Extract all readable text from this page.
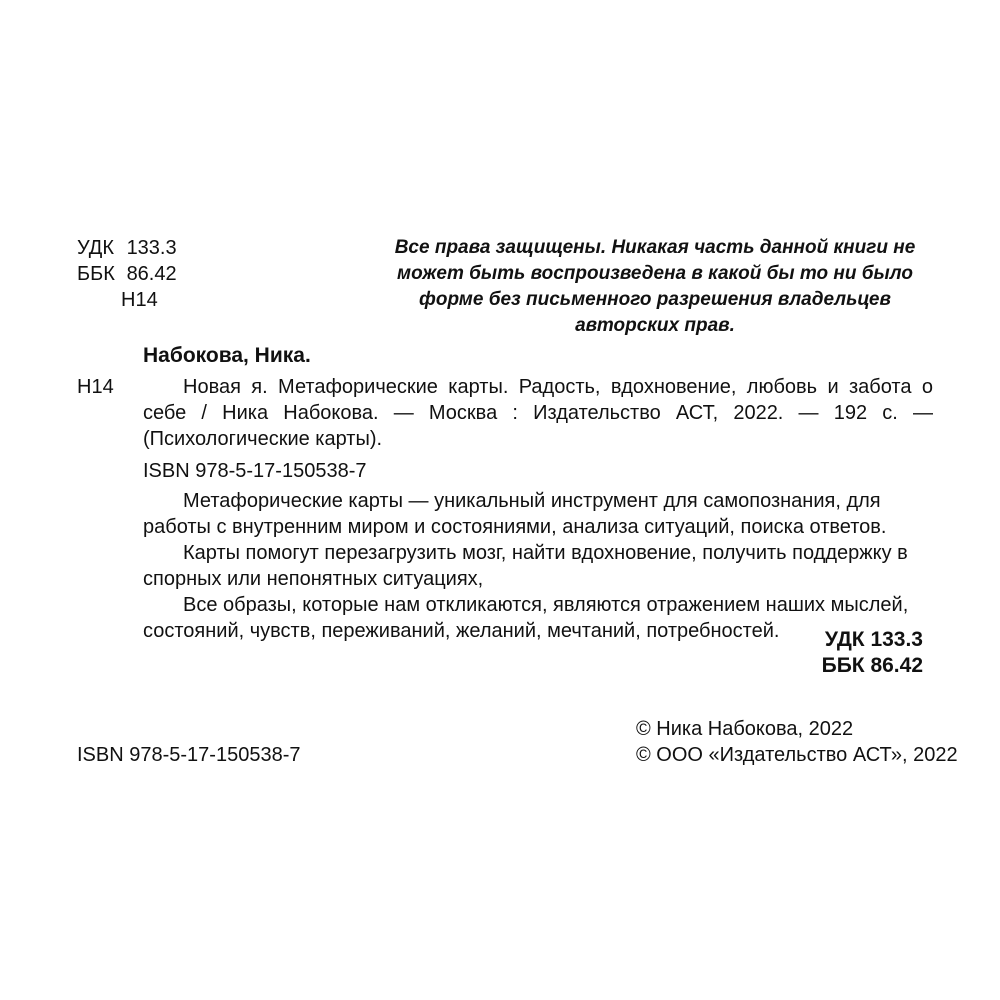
УДК 133.3
ББК 86.42
Н14
Все права защищены. Никакая часть данной книги не может быть воспроизведена в какой бы то ни было форме без письменного разрешения владельцев авторских прав.
Набокова, Ника.
Н14	Новая я. Метафорические карты. Радость, вдохновение, любовь и забота о себе / Ника Набокова. — Москва : Издательство АСТ, 2022. — 192 с. — (Психологические карты).
ISBN 978-5-17-150538-7

Метафорические карты — уникальный инструмент для самопознания, для работы с внутренним миром и состояниями, анализа ситуаций, поиска ответов.

Карты помогут перезагрузить мозг, найти вдохновение, получить поддержку в спорных или непонятных ситуациях,

Все образы, которые нам откликаются, являются отражением наших мыслей, состояний, чувств, переживаний, желаний, мечтаний, потребностей.	УДК 133.3
ББК 86.42
ISBN 978-5-17-150538-7
© Ника Набокова, 2022
© ООО «Издательство АСТ», 2022
